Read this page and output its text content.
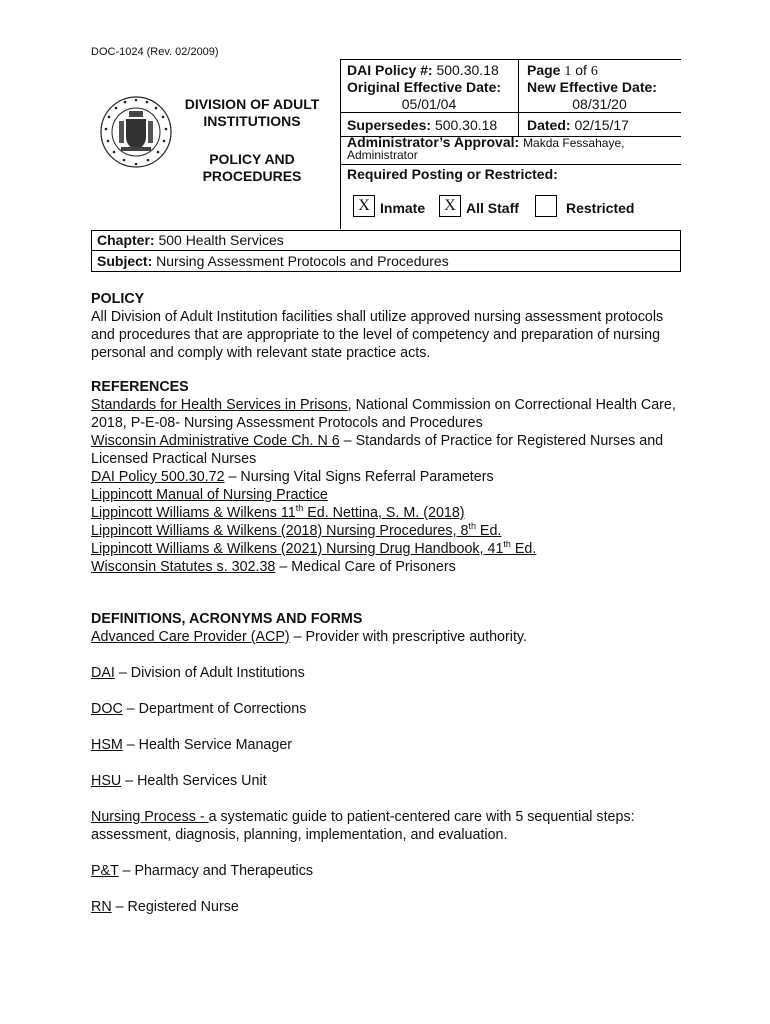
DOC-1024 (Rev. 02/2009)
DIVISION OF ADULT INSTITUTIONS
POLICY AND PROCEDURES
DAI Policy #: 500.30.18 Page 1 of 6
Original Effective Date:
05/01/04
New Effective Date:
08/31/20
Supersedes: 500.30.18 Dated: 02/15/17
Administrator’s Approval: Makda Fessahaye,
Administrator
Required Posting or Restricted:
X Inmate	X All Staff	Restricted
Chapter: 500 Health Services
Subject: Nursing Assessment Protocols and Procedures

POLICY

All Division of Adult Institution facilities shall utilize approved nursing assessment protocols and procedures that are appropriate to the level of competency and preparation of nursing personal and comply with relevant state practice acts.

REFERENCES

Standards for Health Services in Prisons, National Commission on Correctional Health Care, 2018, P-E-08- Nursing Assessment Protocols and Procedures

Wisconsin Administrative Code Ch. N 6 – Standards of Practice for Registered Nurses and Licensed Practical Nurses

DAI Policy 500.30.72 – Nursing Vital Signs Referral Parameters

Lippincott Manual of Nursing Practice

Lippincott Williams & Wilkens 11th Ed. Nettina, S. M. (2018)

Lippincott Williams & Wilkens (2018) Nursing Procedures, 8th Ed.

Lippincott Williams & Wilkens (2021) Nursing Drug Handbook, 41th Ed.

Wisconsin Statutes s. 302.38 – Medical Care of Prisoners

DEFINITIONS, ACRONYMS AND FORMS

Advanced Care Provider (ACP) – Provider with prescriptive authority.

DAI – Division of Adult Institutions

DOC – Department of Corrections

HSM – Health Service Manager

HSU – Health Services Unit

Nursing Process - a systematic guide to patient-centered care with 5 sequential steps: assessment, diagnosis, planning, implementation, and evaluation.

P&T – Pharmacy and Therapeutics

RN – Registered Nurse
